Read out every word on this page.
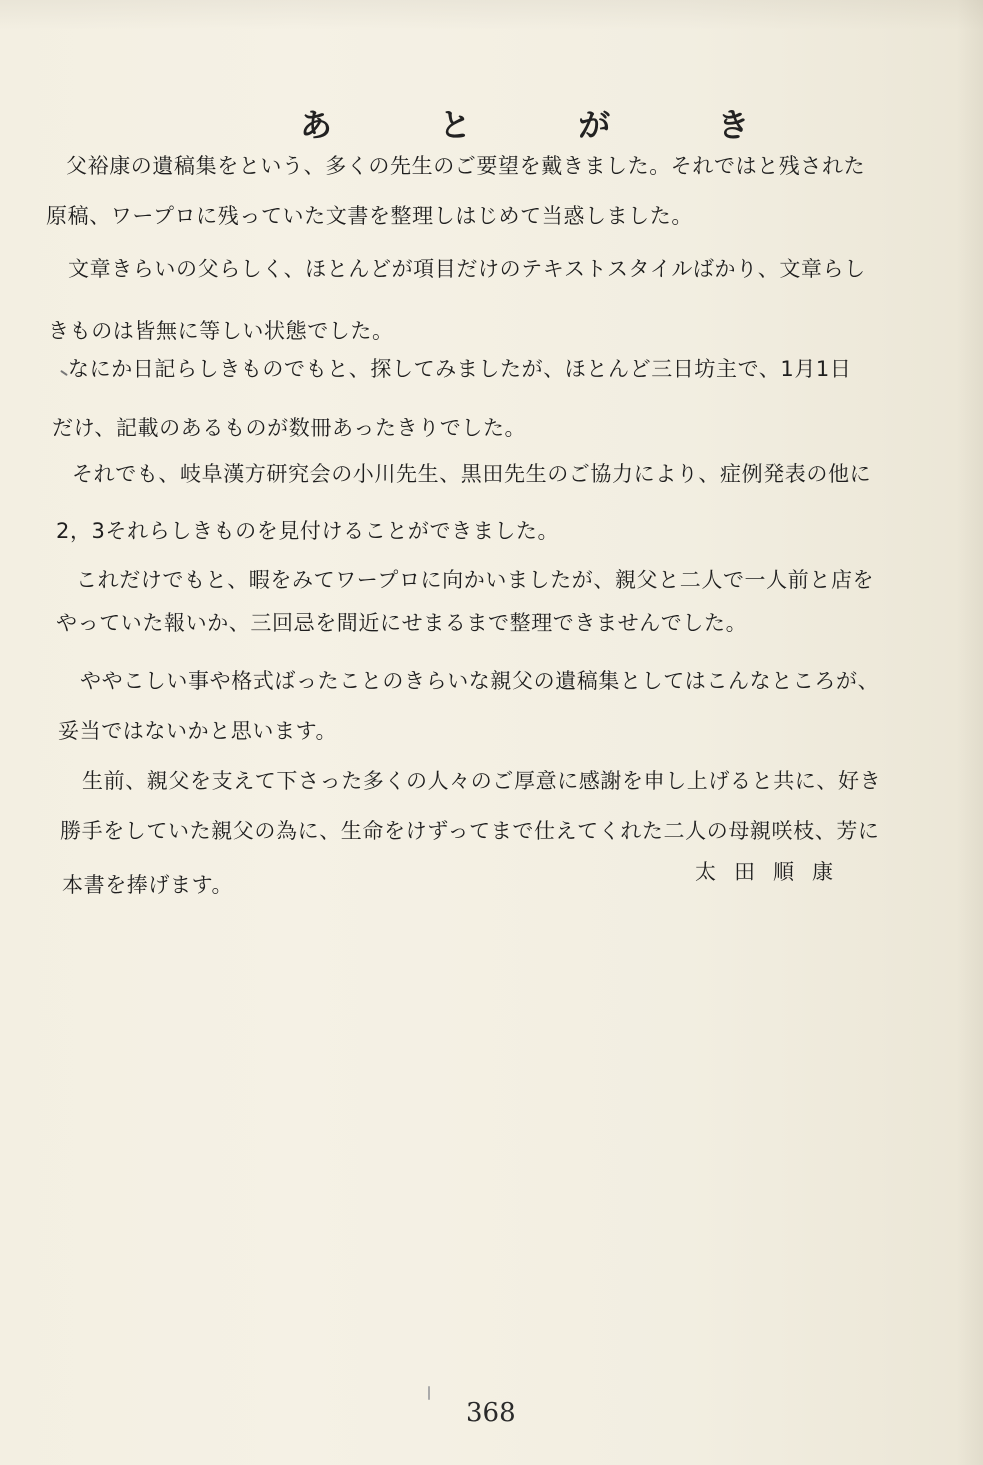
あ と が き
父裕康の遺稿集をという、多くの先生のご要望を戴きました。それではと残された
原稿、ワープロに残っていた文書を整理しはじめて当惑しました。
文章きらいの父らしく、ほとんどが項目だけのテキストスタイルばかり、文章らし
きものは皆無に等しい状態でした。
なにか日記らしきものでもと、探してみましたが、ほとんど三日坊主で、1月1日
だけ、記載のあるものが数冊あったきりでした。
それでも、岐阜漢方研究会の小川先生、黒田先生のご協力により、症例発表の他に
2，3それらしきものを見付けることができました。
これだけでもと、暇をみてワープロに向かいましたが、親父と二人で一人前と店を
やっていた報いか、三回忌を間近にせまるまで整理できませんでした。
ややこしい事や格式ばったことのきらいな親父の遺稿集としてはこんなところが、
妥当ではないかと思います。
生前、親父を支えて下さった多くの人々のご厚意に感謝を申し上げると共に、好き
勝手をしていた親父の為に、生命をけずってまで仕えてくれた二人の母親咲枝、芳に
本書を捧げます。
太田順康
368
